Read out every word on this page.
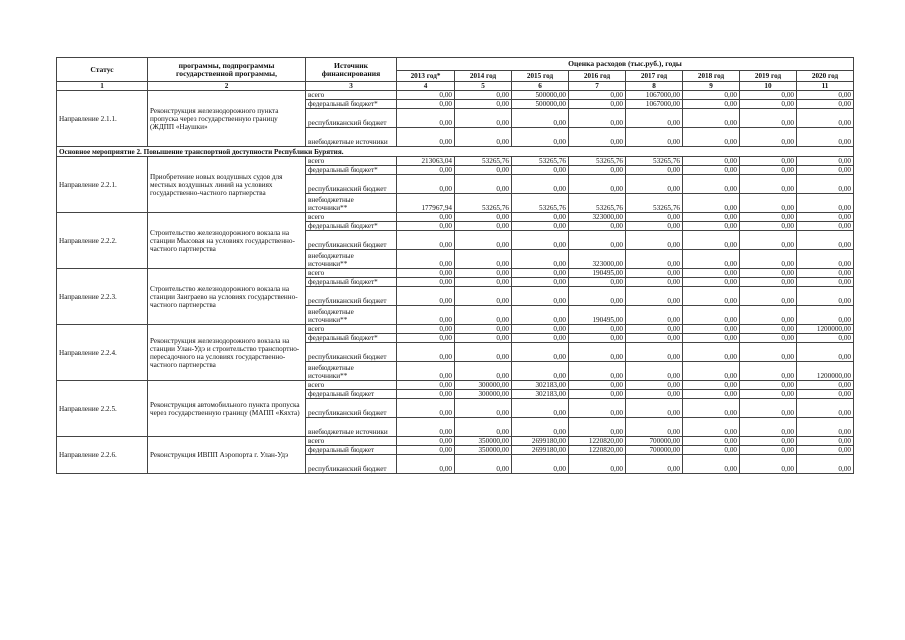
Статус	программы, подпрограммы государственной программы,	Источник финансирования	Оценка расходов (тыс.руб.), годы							
			2013 год*	2014 год	2015 год	2016 год	2017 год	2018 год	2019 год	2020 год
1	2	3	4	5	6	7	8	9	10	11
Направление 2.1.1.	Реконструкция железнодорожного пункта пропуска через государственную границу (ЖДПП «Наушки»	всего	0,00	0,00	500000,00	0,00	1067000,00	0,00	0,00	0,00
		федеральный бюджет*	0,00	0,00	500000,00	0,00	1067000,00	0,00	0,00	0,00
		республиканский бюджет	0,00	0,00	0,00	0,00	0,00	0,00	0,00	0,00
		внебюджетные источники	0,00	0,00	0,00	0,00	0,00	0,00	0,00	0,00
Основное мероприятие 2. Повышение транспортной доступности Республики Бурятия.										
Направление 2.2.1.	Приобретение новых воздушных судов для местных воздушных линий на условиях государственно-частного партнерства	всего	213063,04	53265,76	53265,76	53265,76	53265,76	0,00	0,00	0,00
		федеральный бюджет*	0,00	0,00	0,00	0,00	0,00	0,00	0,00	0,00
		республиканский бюджет	0,00	0,00	0,00	0,00	0,00	0,00	0,00	0,00
		внебюджетные источники**	177967,94	53265,76	53265,76	53265,76	53265,76	0,00	0,00	0,00
Направление 2.2.2.	Строительство железнодорожного вокзала на станции Мысовая на условиях государственно-частного партнерства	всего	0,00	0,00	0,00	323000,00	0,00	0,00	0,00	0,00
		федеральный бюджет*	0,00	0,00	0,00	0,00	0,00	0,00	0,00	0,00
		республиканский бюджет	0,00	0,00	0,00	0,00	0,00	0,00	0,00	0,00
		внебюджетные источники**	0,00	0,00	0,00	323000,00	0,00	0,00	0,00	0,00
Направление 2.2.3.	Строительство железнодорожного вокзала на станции Заиграево на условиях государственно-частного партнерства	всего	0,00	0,00	0,00	190495,00	0,00	0,00	0,00	0,00
		федеральный бюджет*	0,00	0,00	0,00	0,00	0,00	0,00	0,00	0,00
		республиканский бюджет	0,00	0,00	0,00	0,00	0,00	0,00	0,00	0,00
		внебюджетные источники**	0,00	0,00	0,00	190495,00	0,00	0,00	0,00	0,00
Направление 2.2.4.	Реконструкция железнодорожного вокзала на станции Улан-Удэ и строительство транспортно-пересадочного на условиях государственно-частного партнерства	всего	0,00	0,00	0,00	0,00	0,00	0,00	0,00	1200000,00
		федеральный бюджет*	0,00	0,00	0,00	0,00	0,00	0,00	0,00	0,00
		республиканский бюджет	0,00	0,00	0,00	0,00	0,00	0,00	0,00	0,00
		внебюджетные источники**	0,00	0,00	0,00	0,00	0,00	0,00	0,00	1200000,00
Направление 2.2.5.	Реконструкция автомобильного пункта пропуска через государственную границу (МАПП «Кяхта)	всего	0,00	300000,00	302183,00	0,00	0,00	0,00	0,00	0,00
		федеральный бюджет	0,00	300000,00	302183,00	0,00	0,00	0,00	0,00	0,00
		республиканский бюджет	0,00	0,00	0,00	0,00	0,00	0,00	0,00	0,00
		внебюджетные источники	0,00	0,00	0,00	0,00	0,00	0,00	0,00	0,00
Направление 2.2.6.	Реконструкция ИВПП Аэропорта г. Улан-Удэ	всего	0,00	350000,00	2699180,00	1220820,00	700000,00	0,00	0,00	0,00
		федеральный бюджет	0,00	350000,00	2699180,00	1220820,00	700000,00	0,00	0,00	0,00
		республиканский бюджет	0,00	0,00	0,00	0,00	0,00	0,00	0,00	0,00
